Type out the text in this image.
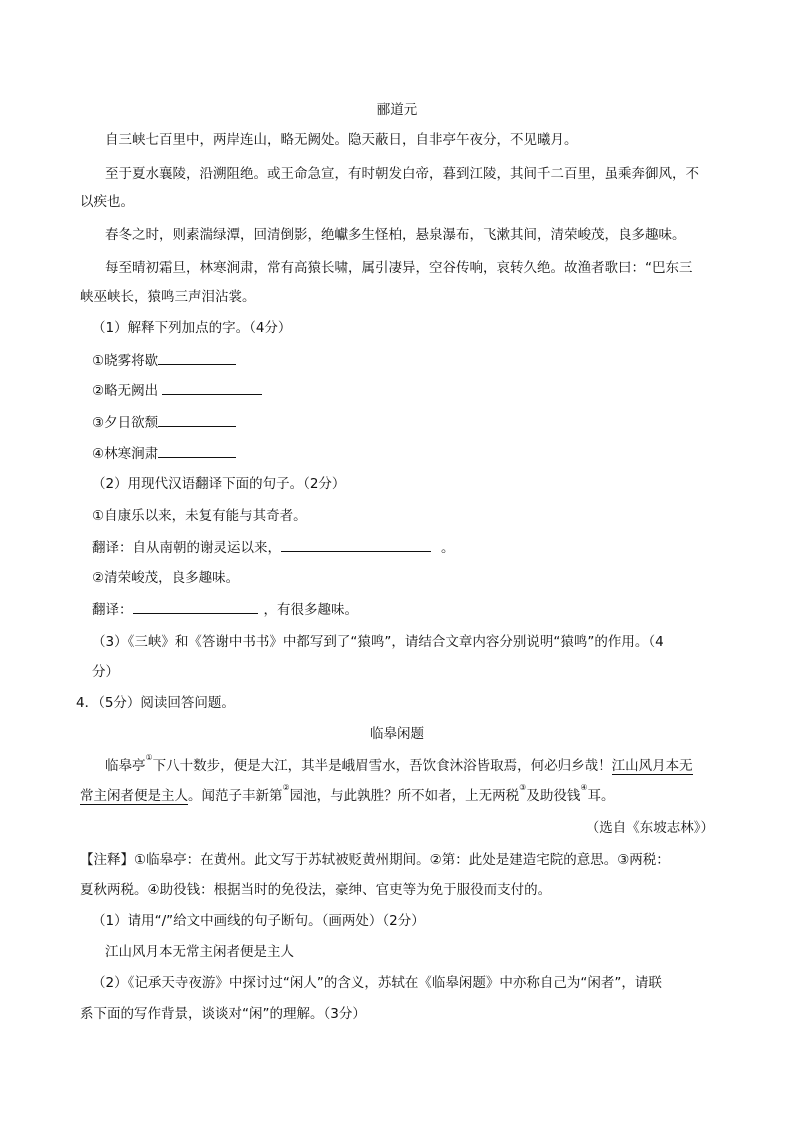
郦道元
自三峡七百里中，两岸连山，略无阙处。隐天蔽日，自非亭午夜分，不见曦月。
至于夏水襄陵，沿溯阻绝。或王命急宣，有时朝发白帝，暮到江陵，其间千二百里，虽乘奔御风，不
以疾也。
春冬之时，则素湍绿潭，回清倒影，绝巘多生怪柏，悬泉瀑布，飞漱其间，清荣峻茂，良多趣味。
每至晴初霜旦，林寒涧肃，常有高猿长啸，属引凄异，空谷传响，哀转久绝。故渔者歌曰：“巴东三
峡巫峡长，猿鸣三声泪沾裳。
（1）解释下列加点的字。（4分）
①晓雾将歇
②略无阙出
③夕日欲颓
④林寒涧肃
（2）用现代汉语翻译下面的句子。（2分）
①自康乐以来，未复有能与其奇者。
翻译：自从南朝的谢灵运以来，	。
②清荣峻茂，良多趣味。
翻译：	，有很多趣味。
（3）《三峡》和《答谢中书书》中都写到了“猿鸣”，请结合文章内容分别说明“猿鸣”的作用。（4
分）
4．（5分）阅读回答问题。
临皋闲题
临皋亭①下八十数步，便是大江，其半是峨眉雪水，吾饮食沐浴皆取焉，何必归乡哉！江山风月本无
常主闲者便是主人。闻范子丰新第②园池，与此孰胜？所不如者，上无两税③及助役钱④耳。
（选自《东坡志林》）
【注释】①临皋亭：在黄州。此文写于苏轼被贬黄州期间。②第：此处是建造宅院的意思。③两税：
夏秋两税。④助役钱：根据当时的免役法，豪绅、官吏等为免于服役而支付的。
（1）请用“/”给文中画线的句子断句。（画两处）（2分）
江山风月本无常主闲者便是主人
（2）《记承天寺夜游》中探讨过“闲人”的含义，苏轼在《临皋闲题》中亦称自己为“闲者”，请联
系下面的写作背景，谈谈对“闲”的理解。（3分）
